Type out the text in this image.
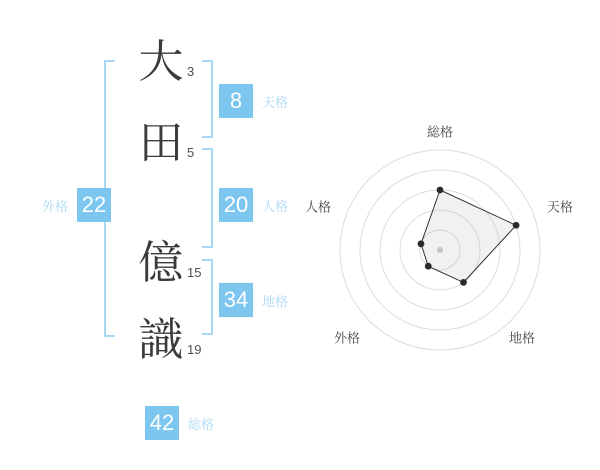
大 3
田 5
億 15
識 19
8	天格
外格 22	20	人格
34	地格
42	総格
総格
天格
地格
外格
人格
